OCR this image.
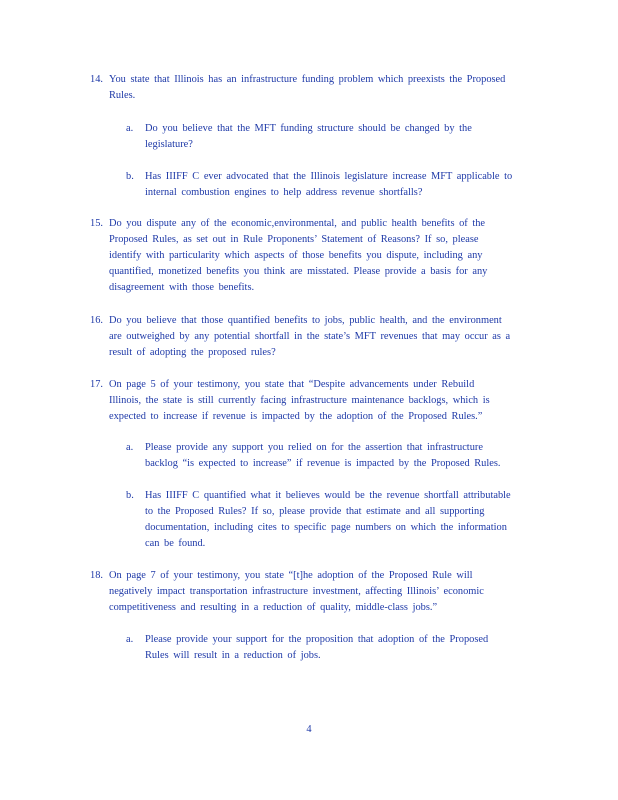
14. You state that Illinois has an infrastructure funding problem which preexists the Proposed
Rules.
a. Do you believe that the MFT funding structure should be changed by the
legislature?
b. Has IIIFF C ever advocated that the Illinois legislature increase MFT applicable to
internal combustion engines to help address revenue shortfalls?
15. Do you dispute any of the economic,environmental, and public health benefits of the
Proposed Rules, as set out in Rule Proponents’ Statement of Reasons? If so, please
identify with particularity which aspects of those benefits you dispute, including any
quantified, monetized benefits you think are misstated. Please provide a basis for any
disagreement with those benefits.
16. Do you believe that those quantified benefits to jobs, public health, and the environment
are outweighed by any potential shortfall in the state’s MFT revenues that may occur as a
result of adopting the proposed rules?
17. On page 5 of your testimony, you state that “Despite advancements under Rebuild
Illinois, the state is still currently facing infrastructure maintenance backlogs, which is
expected to increase if revenue is impacted by the adoption of the Proposed Rules.”
a. Please provide any support you relied on for the assertion that infrastructure
backlog “is expected to increase” if revenue is impacted by the Proposed Rules.
b. Has IIIFF C quantified what it believes would be the revenue shortfall attributable
to the Proposed Rules? If so, please provide that estimate and all supporting
documentation, including cites to specific page numbers on which the information
can be found.
18. On page 7 of your testimony, you state “[t]he adoption of the Proposed Rule will
negatively impact transportation infrastructure investment, affecting Illinois’ economic
competitiveness and resulting in a reduction of quality, middle-class jobs.”
a. Please provide your support for the proposition that adoption of the Proposed
Rules will result in a reduction of jobs.
4
